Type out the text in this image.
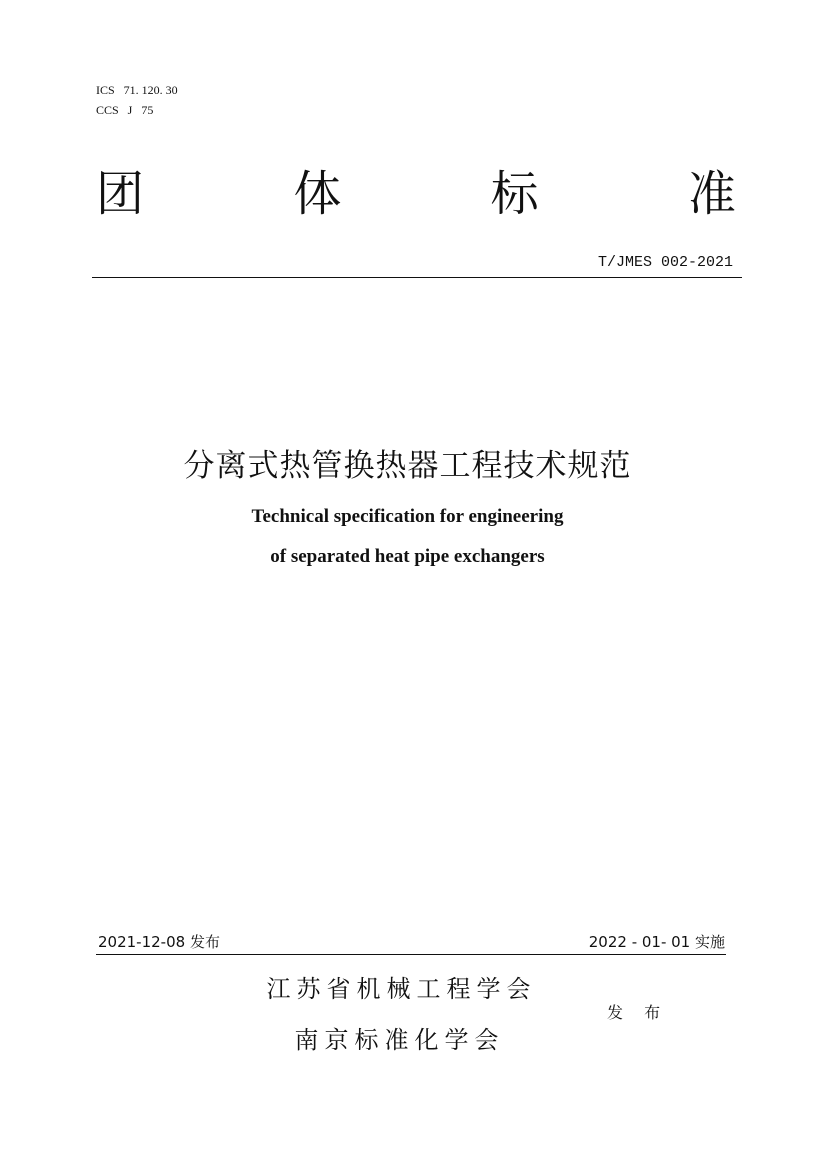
ICS   71. 120. 30
CCS   J   75
团	体	标	准
T/JMES 002-2021
分离式热管换热器工程技术规范
Technical specification for engineering
of separated heat pipe exchangers
2021-12-08 发布	2022 - 01- 01 实施
江苏省机械工程学会
发 布
南京标准化学会
